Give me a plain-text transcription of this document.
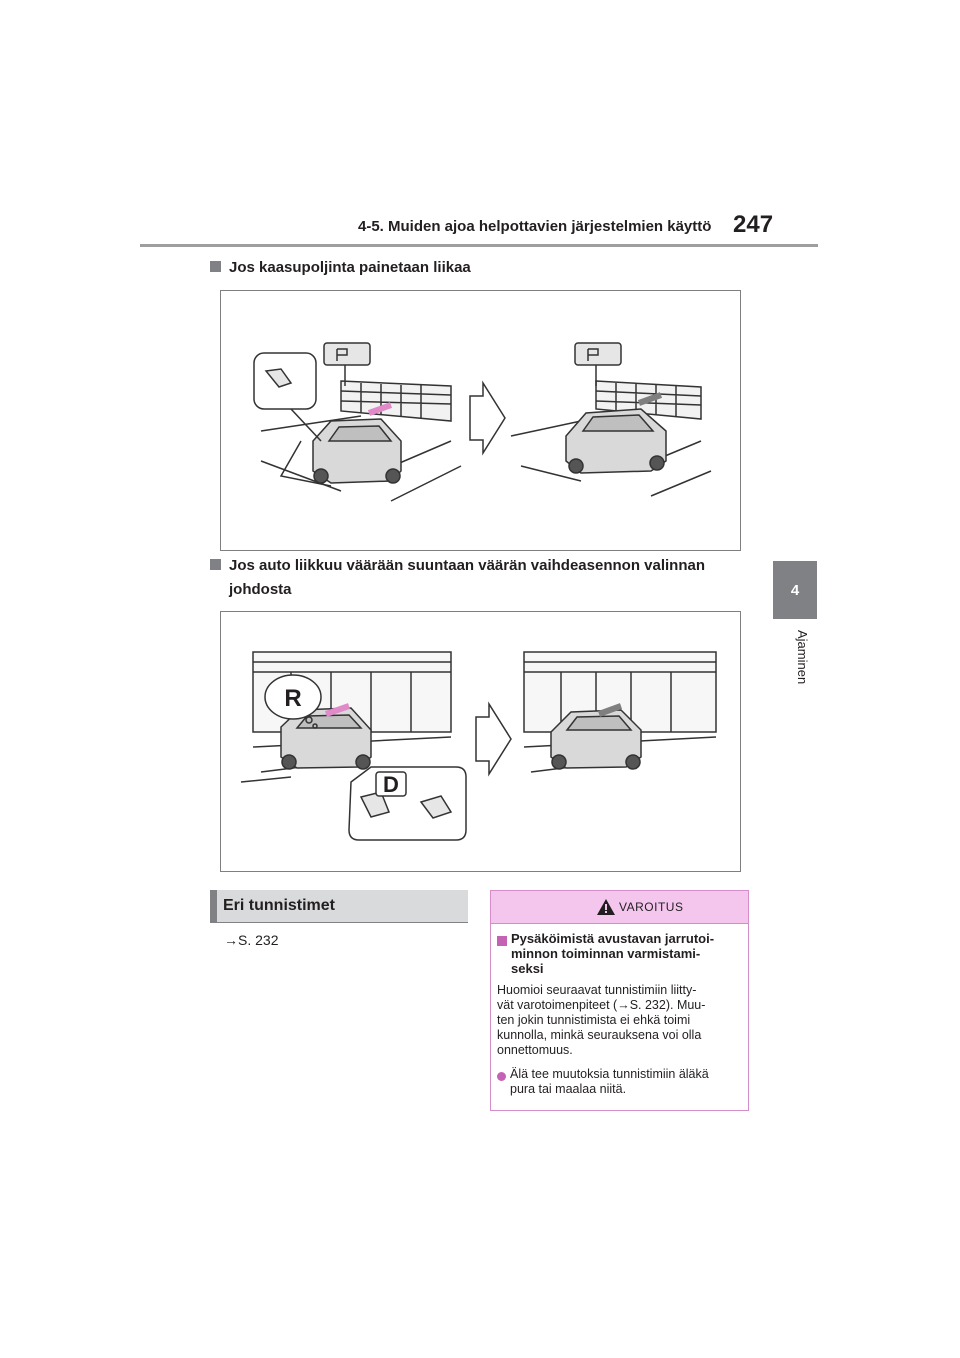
4-5. Muiden ajoa helpottavien järjestelmien käyttö 247
4
Ajaminen
Jos kaasupoljinta painetaan liikaa
Jos auto liikkuu väärään suuntaan väärän vaihdeasennon valinnan
johdosta
R
D
Eri tunnistimet
→S. 232
VAROITUS
Pysäköimistä avustavan jarrutoi-
minnon toiminnan varmistami-
seksi
Huomioi seuraavat tunnistimiin liitty-
vät varotoimenpiteet (→S. 232). Muu-
ten jokin tunnistimista ei ehkä toimi
kunnolla, minkä seurauksena voi olla
onnettomuus.
Älä tee muutoksia tunnistimiin äläkä
pura tai maalaa niitä.
